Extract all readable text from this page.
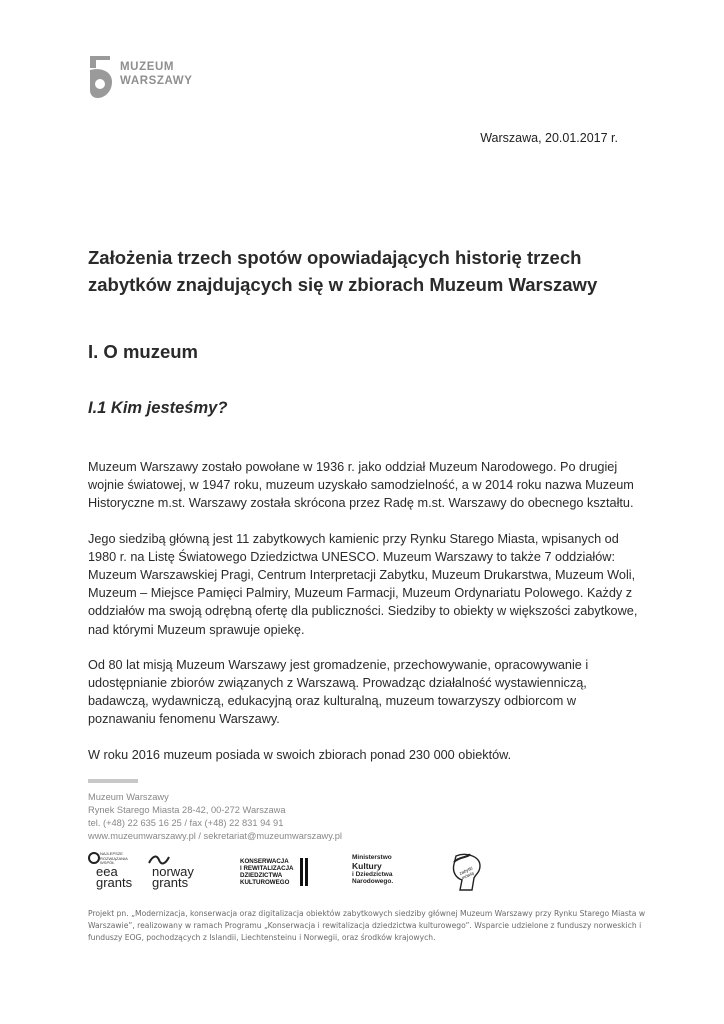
MUZEUM
WARSZAWY
Warszawa, 20.01.2017 r.
Założenia trzech spotów opowiadających historię trzech zabytków znajdujących się w zbiorach Muzeum Warszawy
I. O muzeum
I.1 Kim jesteśmy?

Muzeum Warszawy zostało powołane w 1936 r. jako oddział Muzeum Narodowego. Po drugiej wojnie światowej, w 1947 roku, muzeum uzyskało samodzielność, a w 2014 roku nazwa Muzeum Historyczne m.st. Warszawy została skrócona przez Radę m.st. Warszawy do obecnego kształtu.

Jego siedzibą główną jest 11 zabytkowych kamienic przy Rynku Starego Miasta, wpisanych od 1980 r. na Listę Światowego Dziedzictwa UNESCO. Muzeum Warszawy to także 7 oddziałów: Muzeum Warszawskiej Pragi, Centrum Interpretacji Zabytku, Muzeum Drukarstwa, Muzeum Woli, Muzeum – Miejsce Pamięci Palmiry, Muzeum Farmacji, Muzeum Ordynariatu Polowego. Każdy z oddziałów ma swoją odrębną ofertę dla publiczności. Siedziby to obiekty w większości zabytkowe, nad którymi Muzeum sprawuje opiekę.

Od 80 lat misją Muzeum Warszawy jest gromadzenie, przechowywanie, opracowywanie i udostępnianie zbiorów związanych z Warszawą. Prowadząc działalność wystawienniczą, badawczą, wydawniczą, edukacyjną oraz kulturalną, muzeum towarzyszy odbiorcom w poznawaniu fenomenu Warszawy.

W roku 2016 muzeum posiada w swoich zbiorach ponad 230 000 obiektów.

Muzeum Warszawy
Rynek Starego Miasta 28-42, 00-272 Warszawa
tel. (+48) 22 635 16 25 / fax (+48) 22 831 94 91
www.muzeumwarszawy.pl / sekretariat@muzeumwarszawy.pl
NAJLEPSZE
ROZWIĄZANIA
WSPÓŁ
eea
grants
norway
grants
KONSERWACJA
I REWITALIZACJA
DZIEDZICTWA
KULTUROWEGO
Ministerstwo
Kultury
i Dziedzictwa
Narodowego.
zabytki
mówią
Projekt pn. „Modernizacja, konserwacja oraz digitalizacja obiektów zabytkowych siedziby głównej Muzeum Warszawy przy Rynku Starego Miasta w Warszawie”, realizowany w ramach Programu „Konserwacja i rewitalizacja dziedzictwa kulturowego”. Wsparcie udzielone z funduszy norweskich i funduszy EOG, pochodzących z Islandii, Liechtensteinu i Norwegii, oraz środków krajowych.
